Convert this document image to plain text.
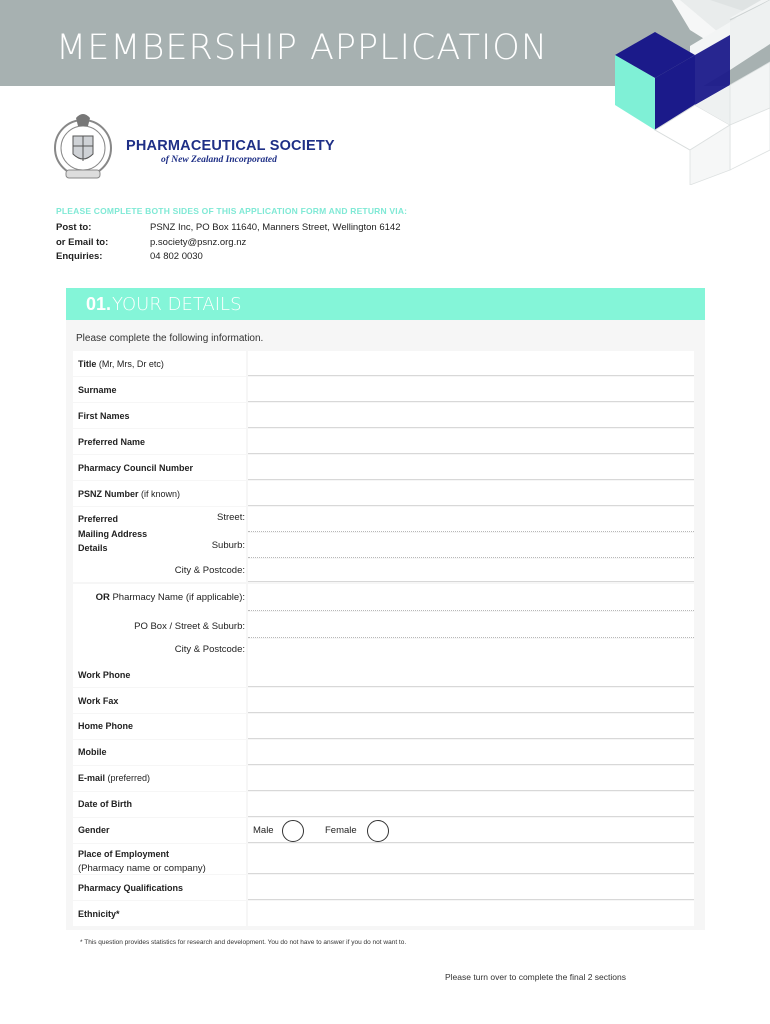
MEMBERSHIP APPLICATION
PHARMACEUTICAL SOCIETY
of New Zealand Incorporated
PLEASE COMPLETE BOTH SIDES OF THIS APPLICATION FORM AND RETURN VIA:
Post to:	PSNZ Inc, PO Box 11640, Manners Street, Wellington 6142
or Email to:	p.society@psnz.org.nz
Enquiries:	04 802 0030
01. YOUR DETAILS
Please complete the following information.
Title (Mr, Mrs, Dr etc)
Surname
First Names
Preferred Name
Pharmacy Council Number
PSNZ Number (if known)
Preferred
Mailing Address
Details
Street:
Suburb:
City & Postcode:
OR Pharmacy Name (if applicable):
PO Box / Street & Suburb:
City & Postcode:
Work Phone
Work Fax
Home Phone
Mobile
E-mail (preferred)
Date of Birth
Gender	Male	Female
Place of Employment
(Pharmacy name or company)
Pharmacy Qualifications
Ethnicity*
* This question provides statistics for research and development. You do not have to answer if you do not want to.
Please turn over to complete the final 2 sections
